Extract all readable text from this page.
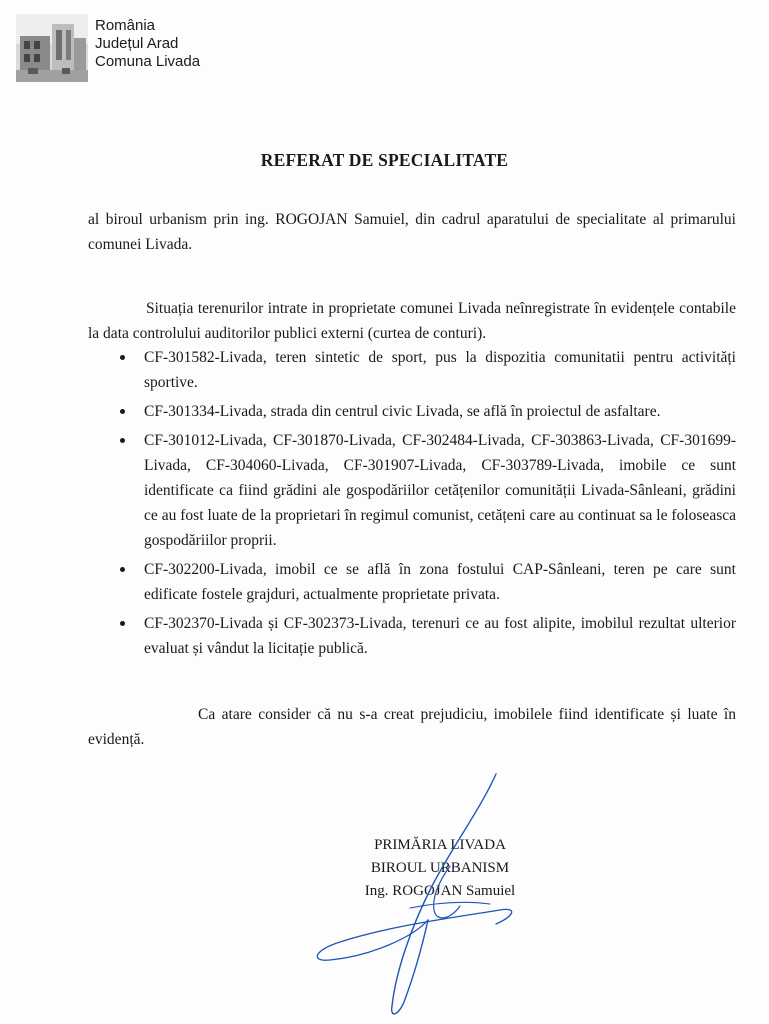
România
Județul Arad
Comuna Livada
REFERAT DE SPECIALITATE
al biroul urbanism prin ing. ROGOJAN Samuiel, din cadrul aparatului de specialitate al primarului comunei Livada.
Situația terenurilor intrate in proprietate comunei Livada neînregistrate în evidențele contabile la data controlului auditorilor publici externi (curtea de conturi).
CF-301582-Livada, teren sintetic de sport, pus la dispozitia comunitatii pentru activități sportive.
CF-301334-Livada, strada din centrul civic Livada, se află în proiectul de asfaltare.
CF-301012-Livada, CF-301870-Livada, CF-302484-Livada, CF-303863-Livada, CF-301699-Livada, CF-304060-Livada, CF-301907-Livada, CF-303789-Livada, imobile ce sunt identificate ca fiind grădini ale gospodăriilor cetățenilor comunității Livada-Sânleani, grădini ce au fost luate de la proprietari în regimul comunist, cetățeni care au continuat sa le foloseasca gospodăriilor proprii.
CF-302200-Livada, imobil ce se află în zona fostului CAP-Sânleani, teren pe care sunt edificate fostele grajduri, actualmente proprietate privata.
CF-302370-Livada și CF-302373-Livada, terenuri ce au fost alipite, imobilul rezultat ulterior evaluat și vândut la licitație publică.
Ca atare consider că nu s-a creat prejudiciu, imobilele fiind identificate și luate în evidență.
PRIMĂRIA LIVADA
BIROUL URBANISM
Ing. ROGOJAN Samuiel
